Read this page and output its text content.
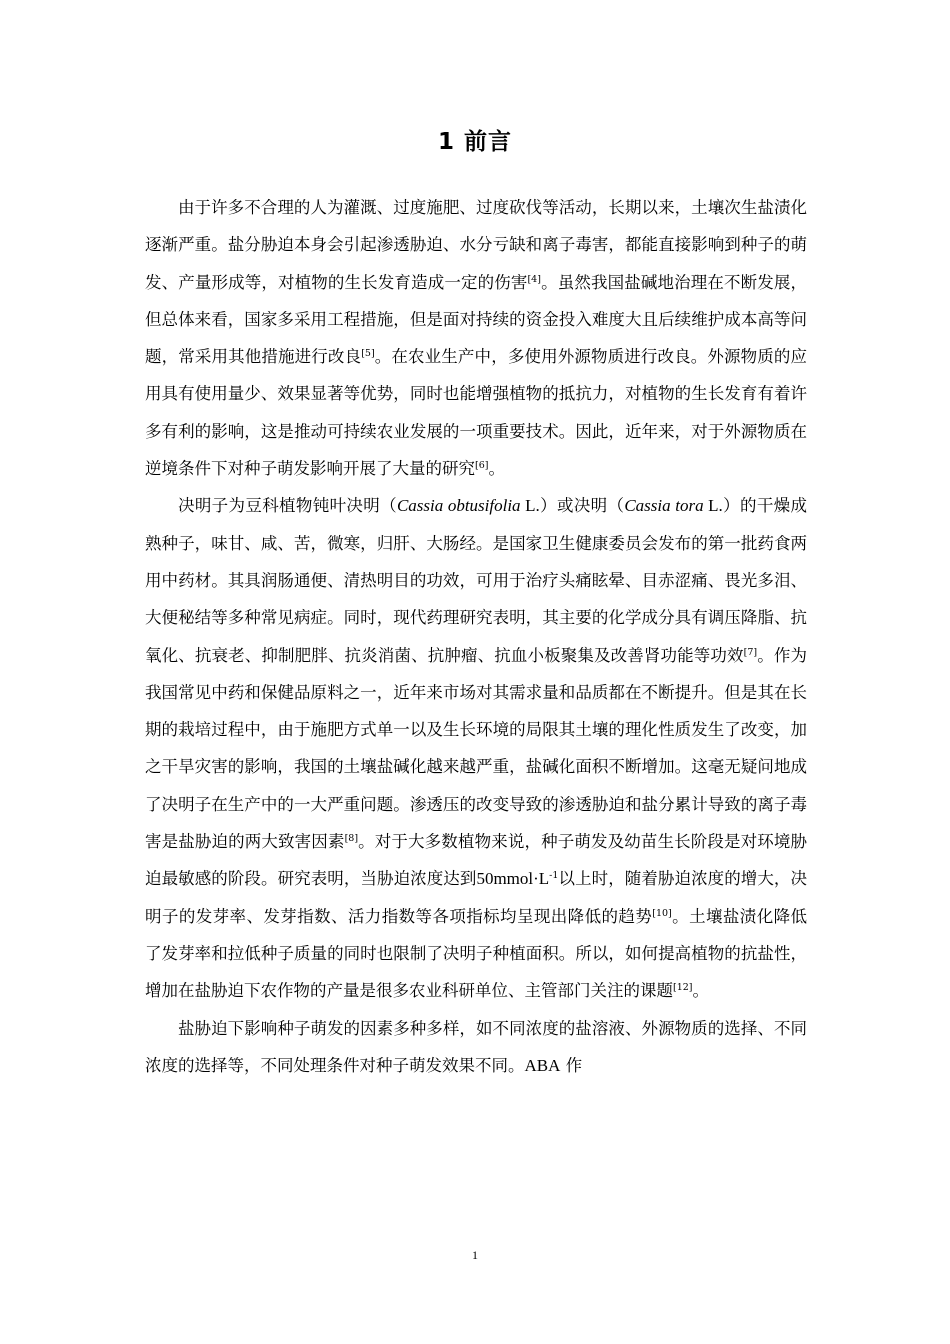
1 前言

由于许多不合理的人为灌溉、过度施肥、过度砍伐等活动，长期以来，土壤次生盐渍化逐渐严重。盐分胁迫本身会引起渗透胁迫、水分亏缺和离子毒害，都能直接影响到种子的萌发、产量形成等，对植物的生长发育造成一定的伤害[4]。虽然我国盐碱地治理在不断发展，但总体来看，国家多采用工程措施，但是面对持续的资金投入难度大且后续维护成本高等问题，常采用其他措施进行改良[5]。在农业生产中，多使用外源物质进行改良。外源物质的应用具有使用量少、效果显著等优势，同时也能增强植物的抵抗力，对植物的生长发育有着许多有利的影响，这是推动可持续农业发展的一项重要技术。因此，近年来，对于外源物质在逆境条件下对种子萌发影响开展了大量的研究[6]。

决明子为豆科植物钝叶决明（Cassia obtusifolia L.）或决明（Cassia tora L.）的干燥成熟种子，味甘、咸、苦，微寒，归肝、大肠经。是国家卫生健康委员会发布的第一批药食两用中药材。其具润肠通便、清热明目的功效，可用于治疗头痛眩晕、目赤涩痛、畏光多泪、大便秘结等多种常见病症。同时，现代药理研究表明，其主要的化学成分具有调压降脂、抗氧化、抗衰老、抑制肥胖、抗炎消菌、抗肿瘤、抗血小板聚集及改善肾功能等功效[7]。作为我国常见中药和保健品原料之一，近年来市场对其需求量和品质都在不断提升。但是其在长期的栽培过程中，由于施肥方式单一以及生长环境的局限其土壤的理化性质发生了改变，加之干旱灾害的影响，我国的土壤盐碱化越来越严重，盐碱化面积不断增加。这毫无疑问地成了决明子在生产中的一大严重问题。渗透压的改变导致的渗透胁迫和盐分累计导致的离子毒害是盐胁迫的两大致害因素[8]。对于大多数植物来说，种子萌发及幼苗生长阶段是对环境胁迫最敏感的阶段。研究表明，当胁迫浓度达到$50mmol\cdot L^{-1}$以上时，随着胁迫浓度的增大，决明子的发芽率、发芽指数、活力指数等各项指标均呈现出降低的趋势[10]。土壤盐渍化降低了发芽率和拉低种子质量的同时也限制了决明子种植面积。所以，如何提高植物的抗盐性，增加在盐胁迫下农作物的产量是很多农业科研单位、主管部门关注的课题[12]。

盐胁迫下影响种子萌发的因素多种多样，如不同浓度的盐溶液、外源物质的选择、不同浓度的选择等，不同处理条件对种子萌发效果不同。ABA 作

1
